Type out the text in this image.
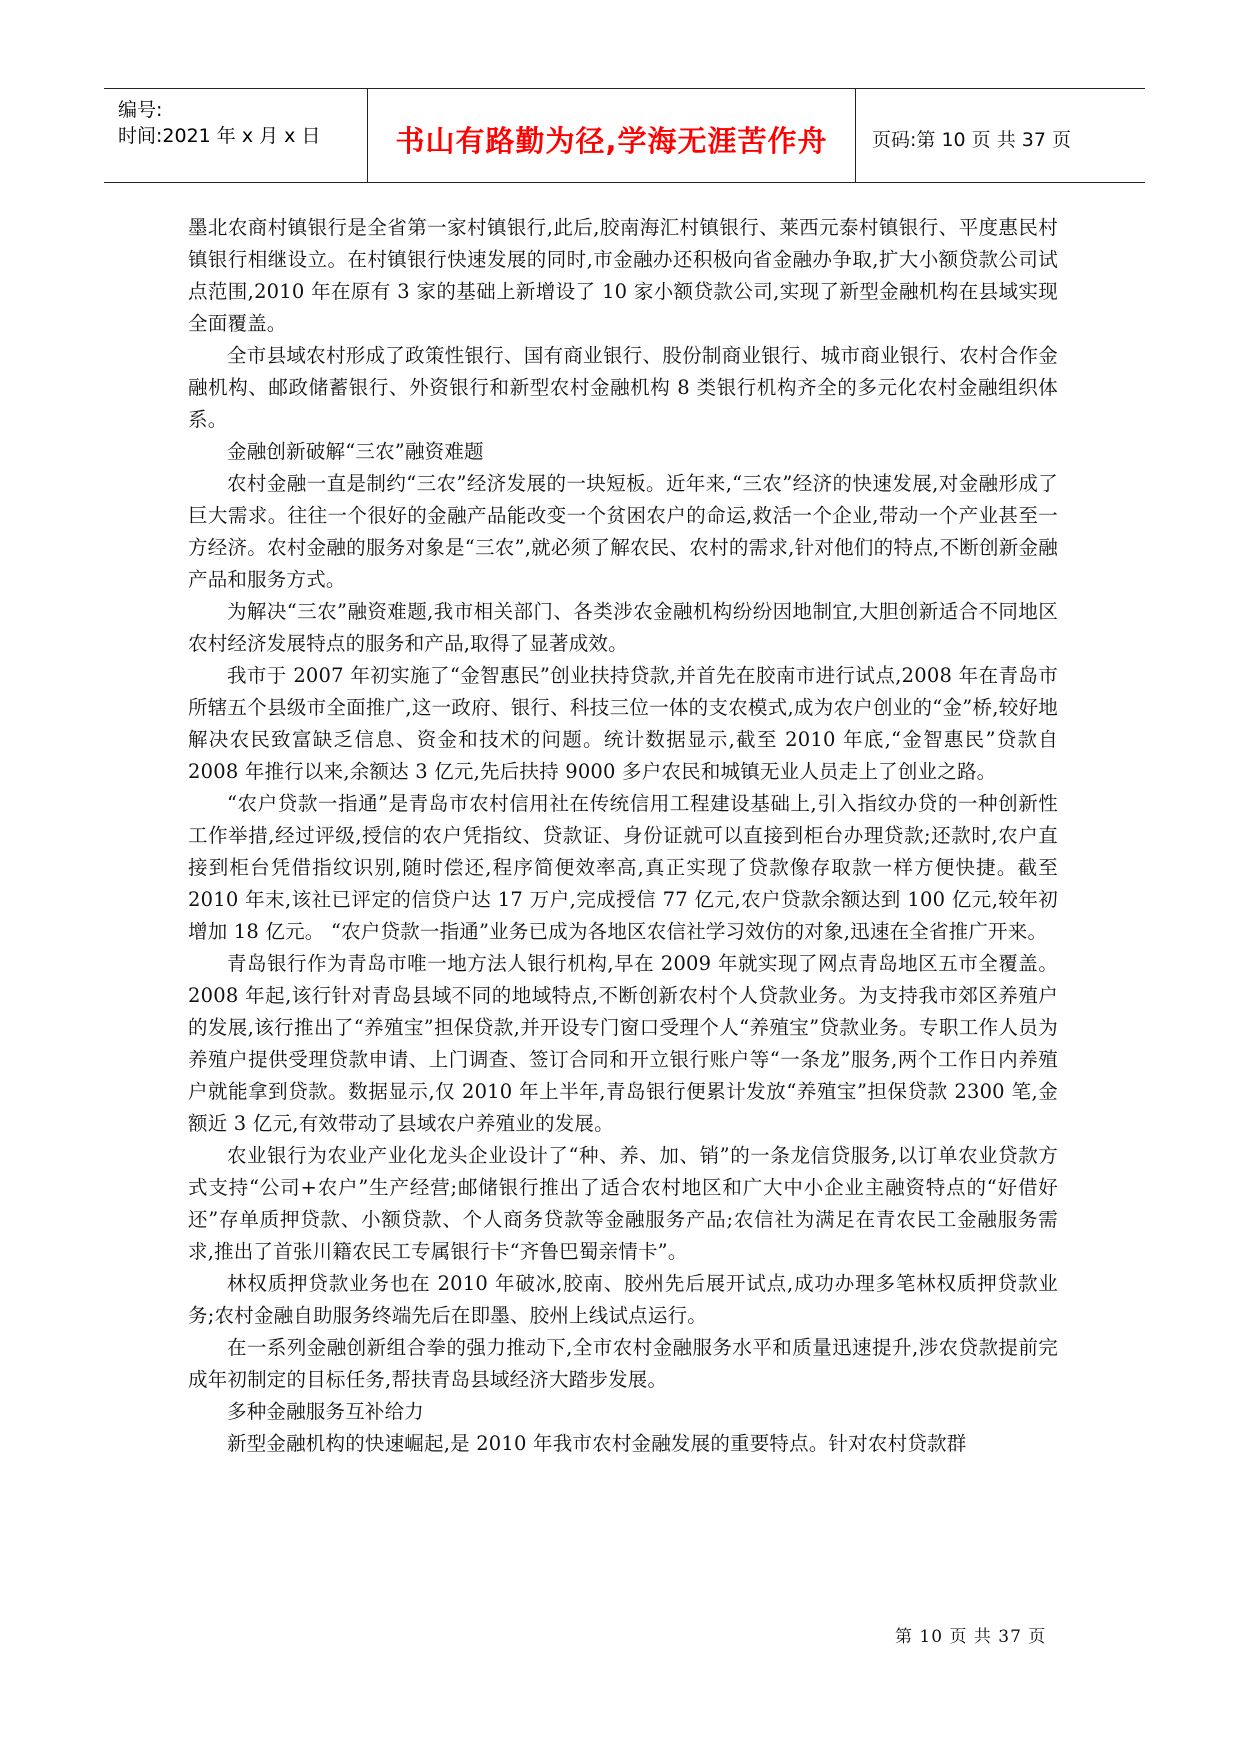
编号:
时间:2021 年 x 月 x 日	书山有路勤为径,学海无涯苦作舟	页码:第 10 页 共 37 页

墨北农商村镇银行是全省第一家村镇银行,此后,胶南海汇村镇银行、莱西元泰村镇银行、平度惠民村镇银行相继设立。在村镇银行快速发展的同时,市金融办还积极向省金融办争取,扩大小额贷款公司试点范围,2010 年在原有 3 家的基础上新增设了 10 家小额贷款公司,实现了新型金融机构在县域实现全面覆盖。

全市县域农村形成了政策性银行、国有商业银行、股份制商业银行、城市商业银行、农村合作金融机构、邮政储蓄银行、外资银行和新型农村金融机构 8 类银行机构齐全的多元化农村金融组织体系。

金融创新破解“三农”融资难题

农村金融一直是制约“三农”经济发展的一块短板。近年来,“三农”经济的快速发展,对金融形成了巨大需求。往往一个很好的金融产品能改变一个贫困农户的命运,救活一个企业,带动一个产业甚至一方经济。农村金融的服务对象是“三农”,就必须了解农民、农村的需求,针对他们的特点,不断创新金融产品和服务方式。

为解决“三农”融资难题,我市相关部门、各类涉农金融机构纷纷因地制宜,大胆创新适合不同地区农村经济发展特点的服务和产品,取得了显著成效。

我市于 2007 年初实施了“金智惠民”创业扶持贷款,并首先在胶南市进行试点,2008 年在青岛市所辖五个县级市全面推广,这一政府、银行、科技三位一体的支农模式,成为农户创业的“金”桥,较好地解决农民致富缺乏信息、资金和技术的问题。统计数据显示,截至 2010 年底,“金智惠民”贷款自 2008 年推行以来,余额达 3 亿元,先后扶持 9000 多户农民和城镇无业人员走上了创业之路。

“农户贷款一指通”是青岛市农村信用社在传统信用工程建设基础上,引入指纹办贷的一种创新性工作举措,经过评级,授信的农户凭指纹、贷款证、身份证就可以直接到柜台办理贷款;还款时,农户直接到柜台凭借指纹识别,随时偿还,程序简便效率高,真正实现了贷款像存取款一样方便快捷。截至 2010 年末,该社已评定的信贷户达 17 万户,完成授信 77 亿元,农户贷款余额达到 100 亿元,较年初增加 18 亿元。 “农户贷款一指通”业务已成为各地区农信社学习效仿的对象,迅速在全省推广开来。

青岛银行作为青岛市唯一地方法人银行机构,早在 2009 年就实现了网点青岛地区五市全覆盖。 2008 年起,该行针对青岛县域不同的地域特点,不断创新农村个人贷款业务。为支持我市郊区养殖户的发展,该行推出了“养殖宝”担保贷款,并开设专门窗口受理个人“养殖宝”贷款业务。专职工作人员为养殖户提供受理贷款申请、上门调查、签订合同和开立银行账户等“一条龙”服务,两个工作日内养殖户就能拿到贷款。数据显示,仅 2010 年上半年,青岛银行便累计发放“养殖宝”担保贷款 2300 笔,金额近 3 亿元,有效带动了县域农户养殖业的发展。

农业银行为农业产业化龙头企业设计了“种、养、加、销”的一条龙信贷服务,以订单农业贷款方式支持“公司+农户”生产经营;邮储银行推出了适合农村地区和广大中小企业主融资特点的“好借好还”存单质押贷款、小额贷款、个人商务贷款等金融服务产品;农信社为满足在青农民工金融服务需求,推出了首张川籍农民工专属银行卡“齐鲁巴蜀亲情卡”。

林权质押贷款业务也在 2010 年破冰,胶南、胶州先后展开试点,成功办理多笔林权质押贷款业务;农村金融自助服务终端先后在即墨、胶州上线试点运行。

在一系列金融创新组合拳的强力推动下,全市农村金融服务水平和质量迅速提升,涉农贷款提前完成年初制定的目标任务,帮扶青岛县域经济大踏步发展。

多种金融服务互补给力

新型金融机构的快速崛起,是 2010 年我市农村金融发展的重要特点。针对农村贷款群

第 10 页 共 37 页
